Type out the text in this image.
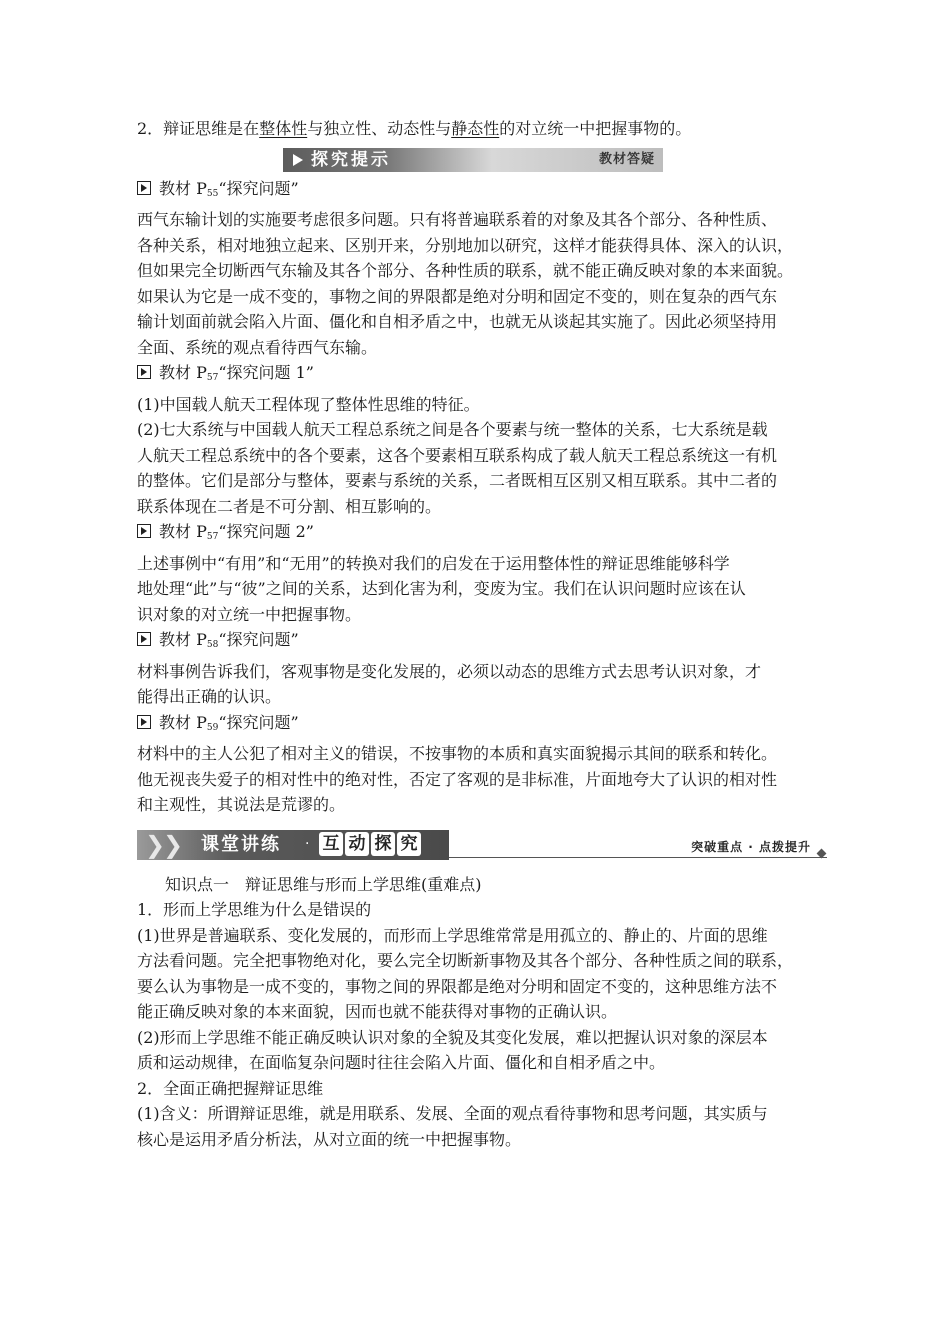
2．辩证思维是在整体性与独立性、动态性与静态性的对立统一中把握事物的。

探究提示	教材答疑

教材 $P_{55}“$探究问题”

西气东输计划的实施要考虑很多问题。只有将普遍联系着的对象及其各个部分、各种性质、

各种关系，相对地独立起来、区别开来，分别地加以研究，这样才能获得具体、深入的认识，

但如果完全切断西气东输及其各个部分、各种性质的联系，就不能正确反映对象的本来面貌。

如果认为它是一成不变的，事物之间的界限都是绝对分明和固定不变的，则在复杂的西气东

输计划面前就会陷入片面、僵化和自相矛盾之中，也就无从谈起其实施了。因此必须坚持用

全面、系统的观点看待西气东输。

教材 $P_{57}“$探究问题 1”

(1)中国载人航天工程体现了整体性思维的特征。

(2)七大系统与中国载人航天工程总系统之间是各个要素与统一整体的关系，七大系统是载

人航天工程总系统中的各个要素，这各个要素相互联系构成了载人航天工程总系统这一有机

的整体。它们是部分与整体，要素与系统的关系，二者既相互区别又相互联系。其中二者的

联系体现在二者是不可分割、相互影响的。

教材 $P_{57}“$探究问题 2”

上述事例中“有用”和“无用”的转换对我们的启发在于运用整体性的辩证思维能够科学

地处理“此”与“彼”之间的关系，达到化害为利，变废为宝。我们在认识问题时应该在认

识对象的对立统一中把握事物。

教材 $P_{58}“$探究问题”

材料事例告诉我们，客观事物是变化发展的，必须以动态的思维方式去思考认识对象，才

能得出正确的认识。

教材 $P_{59}“$探究问题”

材料中的主人公犯了相对主义的错误，不按事物的本质和真实面貌揭示其间的联系和转化。

他无视丧失爱子的相对性中的绝对性，否定了客观的是非标准，片面地夸大了认识的相对性

和主观性，其说法是荒谬的。

❯
❯ 课堂讲练 · 互 动 探 究	突破重点 · 点拨提升

知识点一　辩证思维与形而上学思维(重难点)

1．形而上学思维为什么是错误的

(1)世界是普遍联系、变化发展的，而形而上学思维常常是用孤立的、静止的、片面的思维

方法看问题。完全把事物绝对化，要么完全切断新事物及其各个部分、各种性质之间的联系，

要么认为事物是一成不变的，事物之间的界限都是绝对分明和固定不变的，这种思维方法不

能正确反映对象的本来面貌，因而也就不能获得对事物的正确认识。

(2)形而上学思维不能正确反映认识对象的全貌及其变化发展，难以把握认识对象的深层本

质和运动规律，在面临复杂问题时往往会陷入片面、僵化和自相矛盾之中。

2．全面正确把握辩证思维

(1)含义：所谓辩证思维，就是用联系、发展、全面的观点看待事物和思考问题，其实质与

核心是运用矛盾分析法，从对立面的统一中把握事物。
